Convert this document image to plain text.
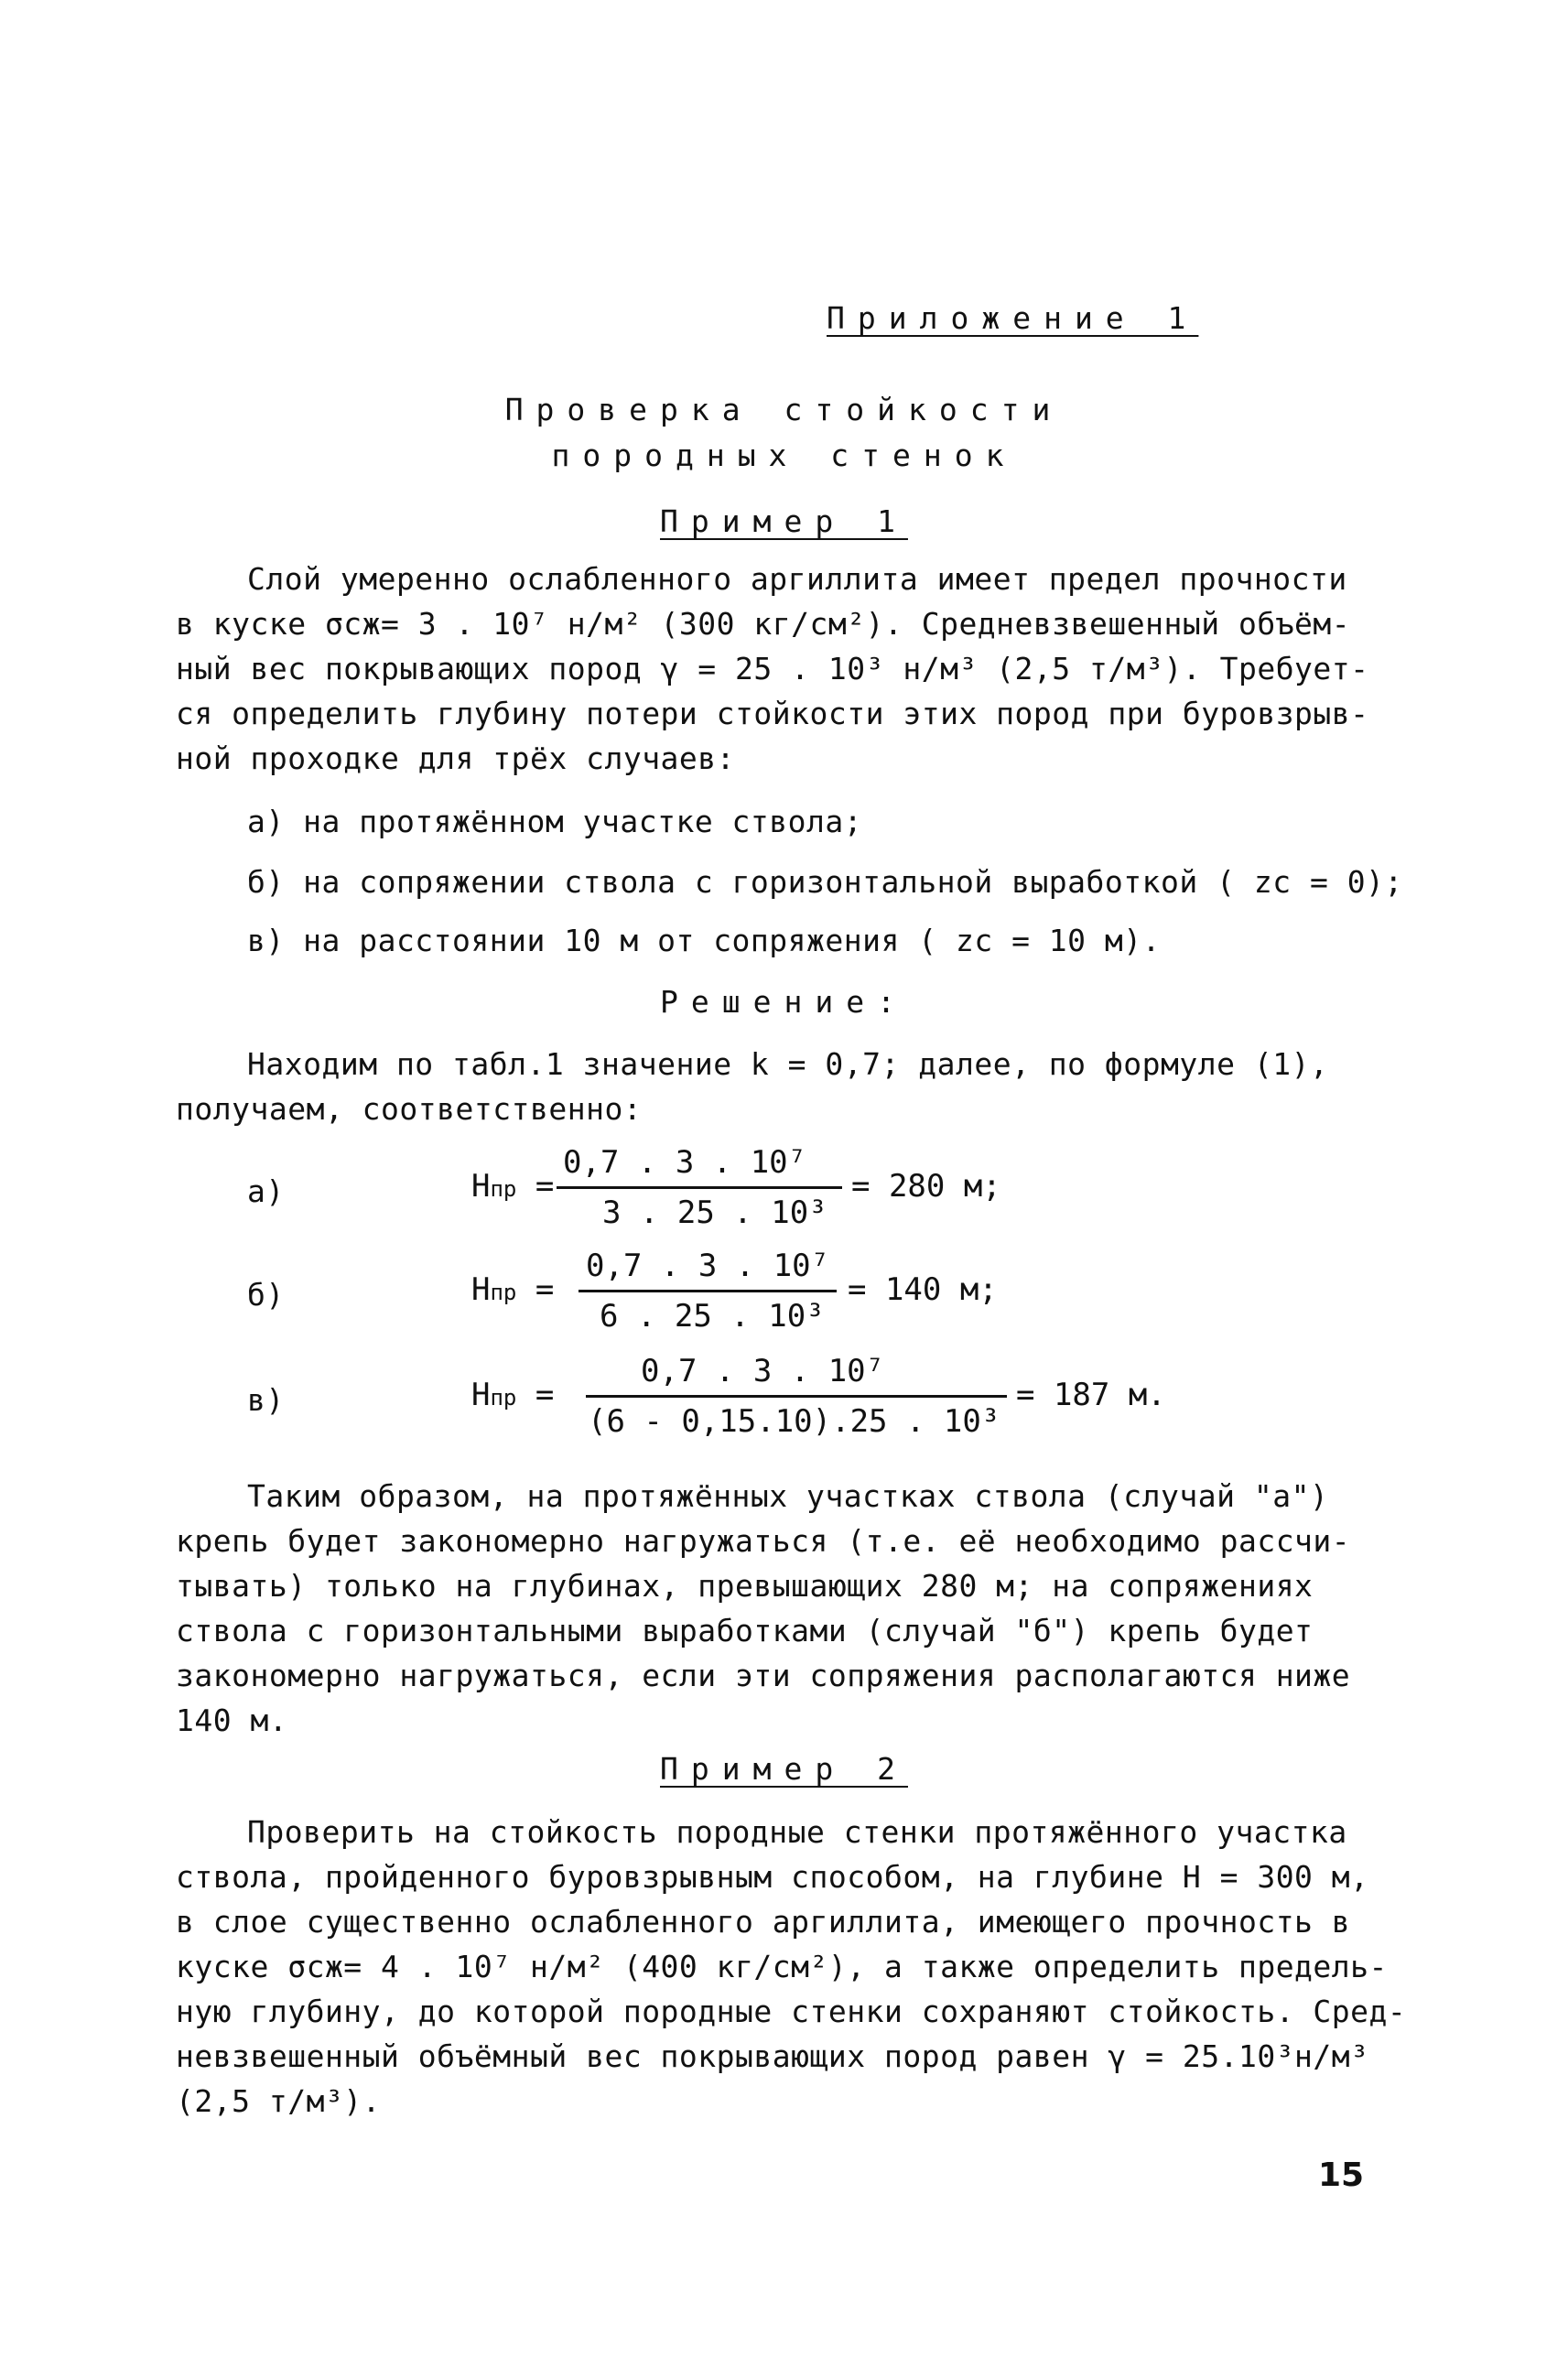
Приложение 1
Проверка стойкости
породных стенок
Пример 1
Слой умеренно ослабленного аргиллита имеет предел прочности
в куске σсж= 3 . 10⁷ н/м² (300 кг/см²). Средневзвешенный объём-
ный вес покрывающих пород γ = 25 . 10³ н/м³ (2,5 т/м³). Требует-
ся определить глубину потери стойкости этих пород при буровзрыв-
ной проходке для трёх случаев:
а) на протяжённом участке ствола;
б) на сопряжении ствола с горизонтальной выработкой ( zc = 0);
в) на расстоянии 10 м от сопряжения ( zc = 10 м).
Решение:
Находим по табл.1 значение k = 0,7; далее, по формуле (1),
получаем, соответственно:
а)	Hпр =
0,7 . 3 . 10⁷
3 . 25 . 10³
= 280 м;
б)	Hпр =
0,7 . 3 . 10⁷
6 . 25 . 10³
= 140 м;
в)	Hпр =
0,7 . 3 . 10⁷
(6 - 0,15.10).25 . 10³
= 187 м.
Таким образом, на протяжённых участках ствола (случай "а")
крепь будет закономерно нагружаться (т.е. её необходимо рассчи-
тывать) только на глубинах, превышающих 280 м; на сопряжениях
ствола с горизонтальными выработками (случай "б") крепь будет
закономерно нагружаться, если эти сопряжения располагаются ниже
140 м.
Пример 2
Проверить на стойкость породные стенки протяжённого участка
ствола, пройденного буровзрывным способом, на глубине H = 300 м,
в слое существенно ослабленного аргиллита, имеющего прочность в
куске σсж= 4 . 10⁷ н/м² (400 кг/см²), а также определить предель-
ную глубину, до которой породные стенки сохраняют стойкость. Сред-
невзвешенный объёмный вес покрывающих пород равен γ = 25.10³н/м³
(2,5 т/м³).
15
